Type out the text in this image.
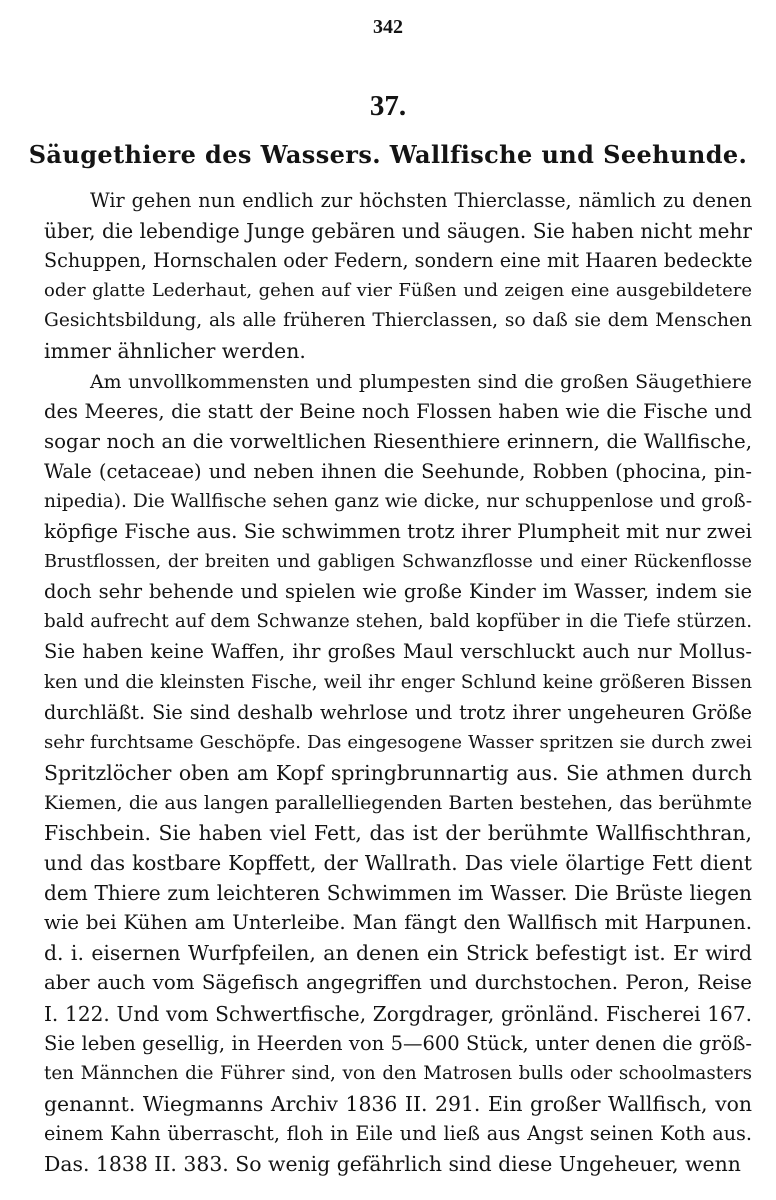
342
37.
Säugethiere des Wassers. Wallfische und Seehunde.
Wir gehen nun endlich zur höchsten Thierclasse, nämlich zu denen
über, die lebendige Junge gebären und säugen. Sie haben nicht mehr
Schuppen, Hornschalen oder Federn, sondern eine mit Haaren bedeckte
oder glatte Lederhaut, gehen auf vier Füßen und zeigen eine ausgebildetere
Gesichtsbildung, als alle früheren Thierclassen, so daß sie dem Menschen
immer ähnlicher werden.
Am unvollkommensten und plumpesten sind die großen Säugethiere
des Meeres, die statt der Beine noch Flossen haben wie die Fische und
sogar noch an die vorweltlichen Riesenthiere erinnern, die Wallfische,
Wale (cetaceae) und neben ihnen die Seehunde, Robben (phocina, pin-
nipedia). Die Wallfische sehen ganz wie dicke, nur schuppenlose und groß-
köpfige Fische aus. Sie schwimmen trotz ihrer Plumpheit mit nur zwei
Brustflossen, der breiten und gabligen Schwanzflosse und einer Rückenflosse
doch sehr behende und spielen wie große Kinder im Wasser, indem sie
bald aufrecht auf dem Schwanze stehen, bald kopfüber in die Tiefe stürzen.
Sie haben keine Waffen, ihr großes Maul verschluckt auch nur Mollus-
ken und die kleinsten Fische, weil ihr enger Schlund keine größeren Bissen
durchläßt. Sie sind deshalb wehrlose und trotz ihrer ungeheuren Größe
sehr furchtsame Geschöpfe. Das eingesogene Wasser spritzen sie durch zwei
Spritzlöcher oben am Kopf springbrunnartig aus. Sie athmen durch
Kiemen, die aus langen parallelliegenden Barten bestehen, das berühmte
Fischbein. Sie haben viel Fett, das ist der berühmte Wallfischthran,
und das kostbare Kopffett, der Wallrath. Das viele ölartige Fett dient
dem Thiere zum leichteren Schwimmen im Wasser. Die Brüste liegen
wie bei Kühen am Unterleibe. Man fängt den Wallfisch mit Harpunen.
d. i. eisernen Wurfpfeilen, an denen ein Strick befestigt ist. Er wird
aber auch vom Sägefisch angegriffen und durchstochen. Peron, Reise
I. 122. Und vom Schwertfische, Zorgdrager, grönländ. Fischerei 167.
Sie leben gesellig, in Heerden von 5—600 Stück, unter denen die größ-
ten Männchen die Führer sind, von den Matrosen bulls oder schoolmasters
genannt. Wiegmanns Archiv 1836 II. 291. Ein großer Wallfisch, von
einem Kahn überrascht, floh in Eile und ließ aus Angst seinen Koth aus.
Das. 1838 II. 383. So wenig gefährlich sind diese Ungeheuer, wenn
